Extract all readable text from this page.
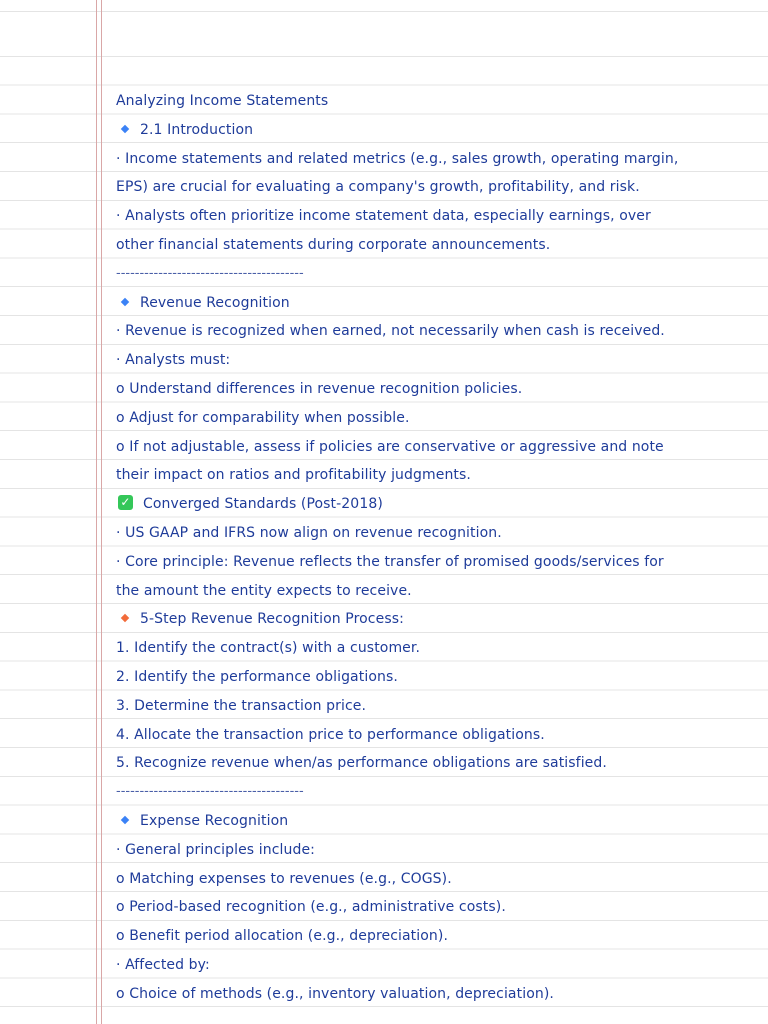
Analyzing Income Statements
2.1 Introduction
· Income statements and related metrics (e.g., sales growth, operating margin,
EPS) are crucial for evaluating a company's growth, profitability, and risk.
· Analysts often prioritize income statement data, especially earnings, over
other financial statements during corporate announcements.
----------------------------------------
Revenue Recognition
· Revenue is recognized when earned, not necessarily when cash is received.
· Analysts must:
o Understand differences in revenue recognition policies.
o Adjust for comparability when possible.
o If not adjustable, assess if policies are conservative or aggressive and note
their impact on ratios and profitability judgments.
✓ Converged Standards (Post-2018)
· US GAAP and IFRS now align on revenue recognition.
· Core principle: Revenue reflects the transfer of promised goods/services for
the amount the entity expects to receive.
5-Step Revenue Recognition Process:
1. Identify the contract(s) with a customer.
2. Identify the performance obligations.
3. Determine the transaction price.
4. Allocate the transaction price to performance obligations.
5. Recognize revenue when/as performance obligations are satisfied.
----------------------------------------
Expense Recognition
· General principles include:
o Matching expenses to revenues (e.g., COGS).
o Period-based recognition (e.g., administrative costs).
o Benefit period allocation (e.g., depreciation).
· Affected by:
o Choice of methods (e.g., inventory valuation, depreciation).
